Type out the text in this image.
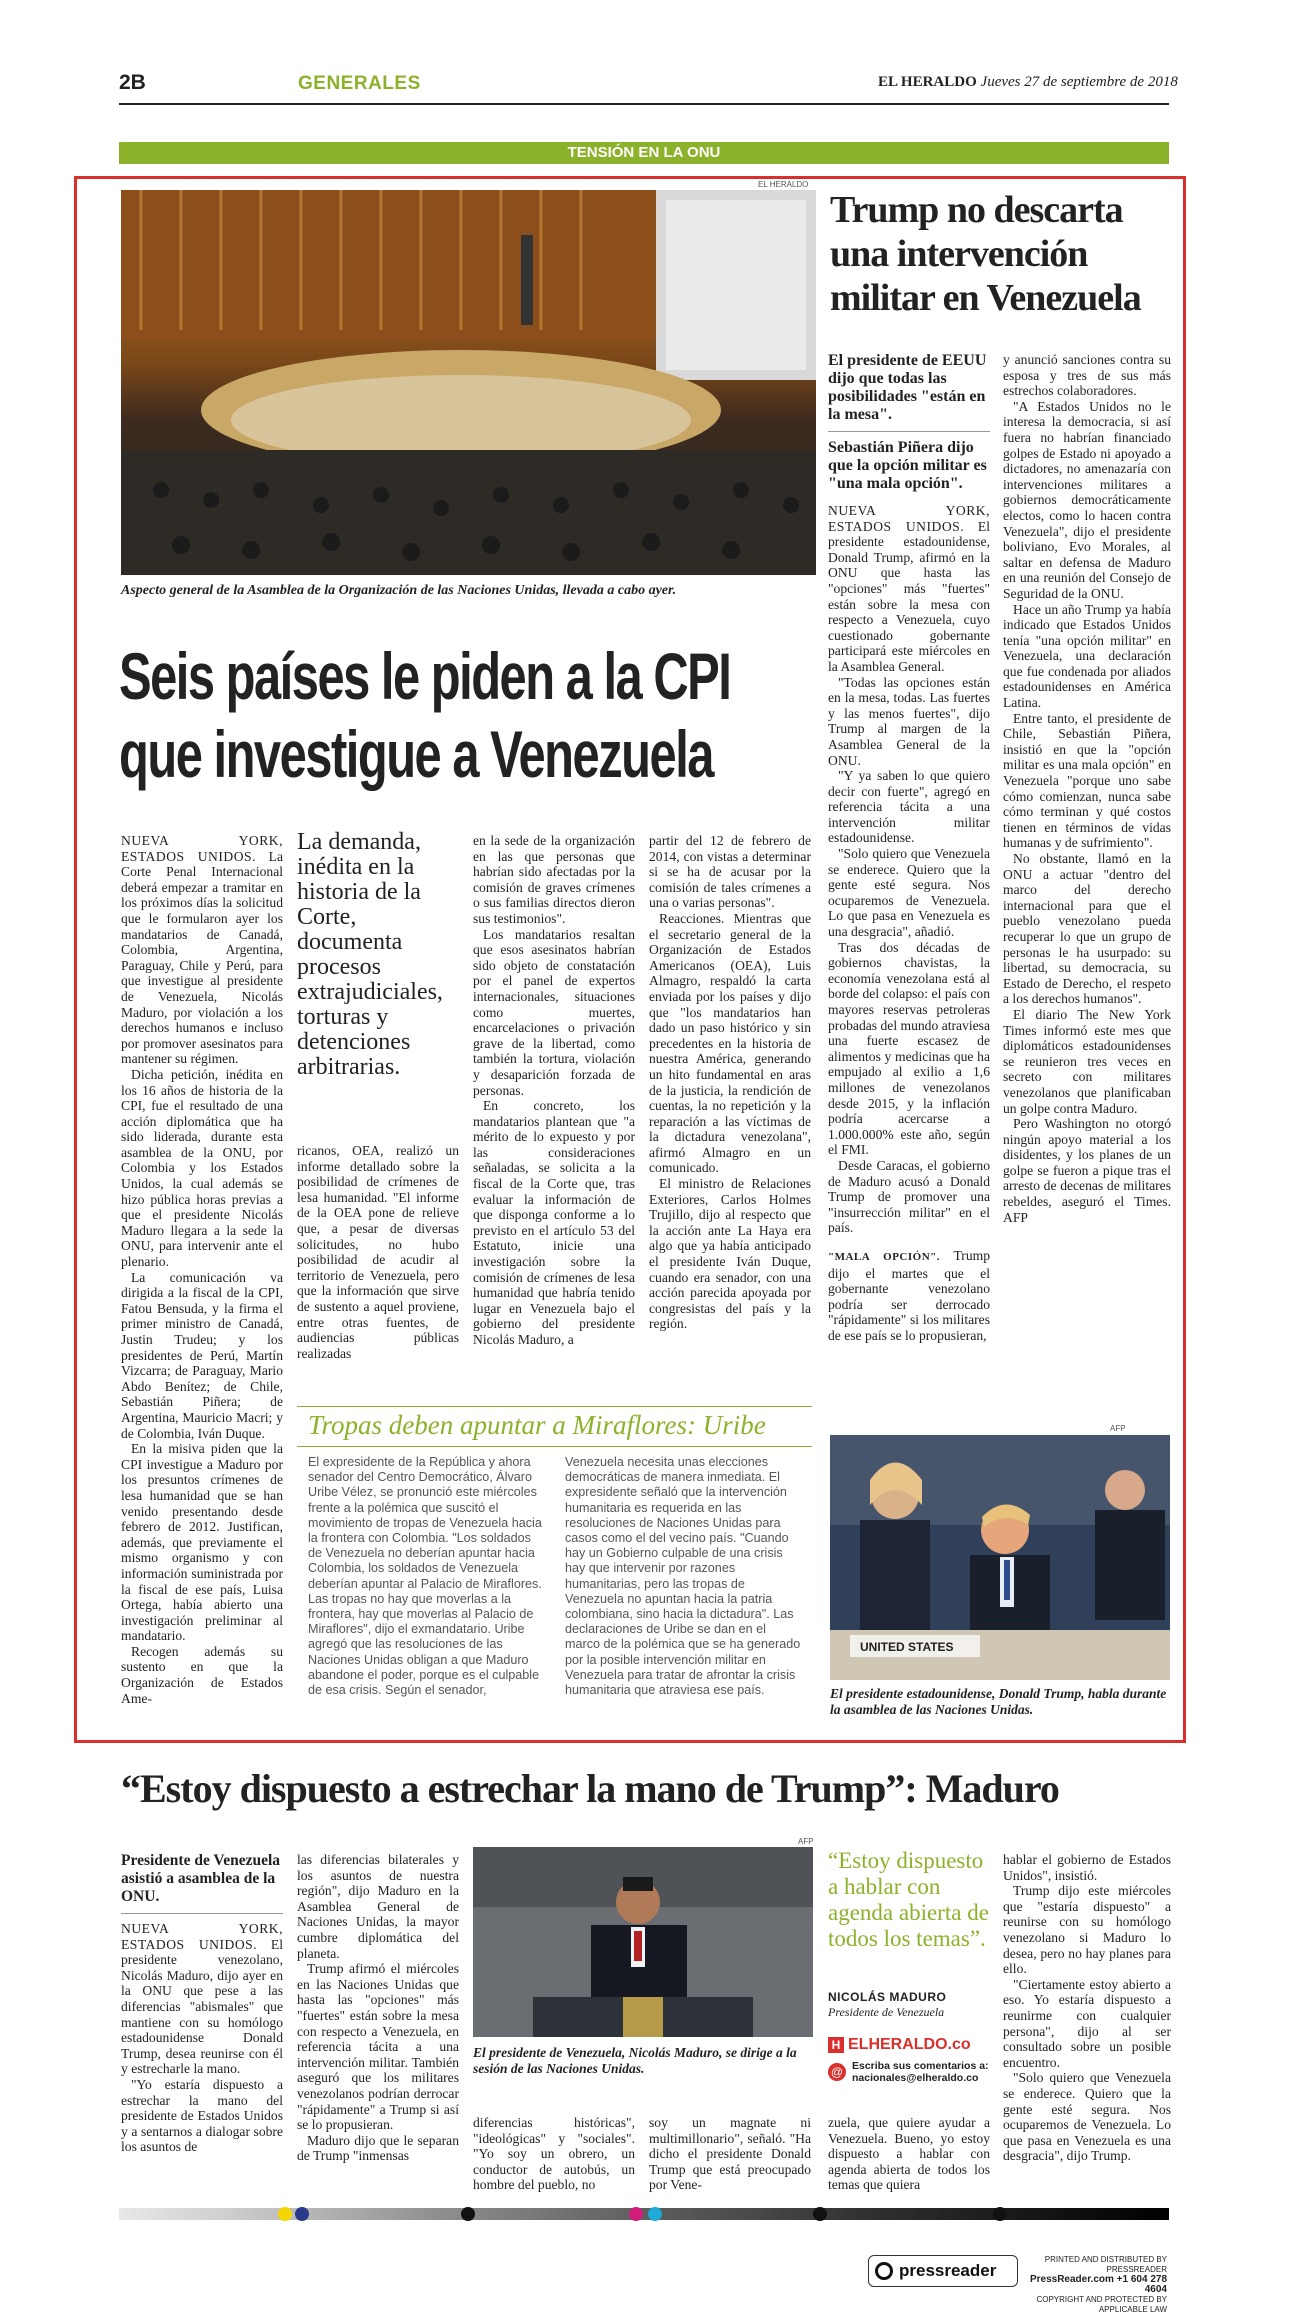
2B	GENERALES	EL HERALDO Jueves 27 de septiembre de 2018
TENSIÓN EN LA ONU
EL HERALDO
Aspecto general de la Asamblea de la Organización de las Naciones Unidas, llevada a cabo ayer.
Seis países le piden a la CPI
que investigue a Venezuela

NUEVA YORK, ESTADOS UNIDOS. La Corte Penal Internacional deberá empezar a tramitar en los próximos días la solicitud que le formularon ayer los mandatarios de Canadá, Colombia, Argentina, Paraguay, Chile y Perú, para que investigue al presidente de Venezuela, Nicolás Maduro, por violación a los derechos humanos e incluso por promover asesinatos para mantener su régimen.

Dicha petición, inédita en los 16 años de historia de la CPI, fue el resultado de una acción diplomática que ha sido liderada, durante esta asamblea de la ONU, por Colombia y los Estados Unidos, la cual además se hizo pública horas previas a que el presidente Nicolás Maduro llegara a la sede la ONU, para intervenir ante el plenario.

La comunicación va dirigida a la fiscal de la CPI, Fatou Bensuda, y la firma el primer ministro de Canadá, Justin Trudeu; y los presidentes de Perú, Martín Vizcarra; de Paraguay, Mario Abdo Benítez; de Chile, Sebastián Piñera; de Argentina, Mauricio Macri; y de Colombia, Iván Duque.

En la misiva piden que la CPI investigue a Maduro por los presuntos crímenes de lesa humanidad que se han venido presentando desde febrero de 2012. Justifican, además, que previamente el mismo organismo y con información suministrada por la fiscal de ese país, Luisa Ortega, había abierto una investigación preliminar al mandatario.

Recogen además su sustento en que la Organización de Estados Ame-

La demanda, inédita en la historia de la Corte, documenta procesos extrajudiciales, torturas y detenciones arbitrarias.

ricanos, OEA, realizó un informe detallado sobre la posibilidad de crímenes de lesa humanidad. "El informe de la OEA pone de relieve que, a pesar de diversas solicitudes, no hubo posibilidad de acudir al territorio de Venezuela, pero que la información que sirve de sustento a aquel proviene, entre otras fuentes, de audiencias públicas realizadas

en la sede de la organización en las que personas que habrían sido afectadas por la comisión de graves crímenes o sus familias directos dieron sus testimonios".

Los mandatarios resaltan que esos asesinatos habrían sido objeto de constatación por el panel de expertos internacionales, situaciones como muertes, encarcelaciones o privación grave de la libertad, como también la tortura, violación y desaparición forzada de personas.

En concreto, los mandatarios plantean que "a mérito de lo expuesto y por las consideraciones señaladas, se solicita a la fiscal de la Corte que, tras evaluar la información de que disponga conforme a lo previsto en el artículo 53 del Estatuto, inicie una investigación sobre la comisión de crímenes de lesa humanidad que habría tenido lugar en Venezuela bajo el gobierno del presidente Nicolás Maduro, a

partir del 12 de febrero de 2014, con vistas a determinar si se ha de acusar por la comisión de tales crímenes a una o varias personas".

Reacciones. Mientras que el secretario general de la Organización de Estados Americanos (OEA), Luis Almagro, respaldó la carta enviada por los países y dijo que "los mandatarios han dado un paso histórico y sin precedentes en la historia de nuestra América, generando un hito fundamental en aras de la justicia, la rendición de cuentas, la no repetición y la reparación a las víctimas de la dictadura venezolana", afirmó Almagro en un comunicado.

El ministro de Relaciones Exteriores, Carlos Holmes Trujillo, dijo al respecto que la acción ante La Haya era algo que ya había anticipado el presidente Iván Duque, cuando era senador, con una acción parecida apoyada por congresistas del país y la región.

Tropas deben apuntar a Miraflores: Uribe
El expresidente de la República y ahora senador del Centro Democrático, Álvaro Uribe Vélez, se pronunció este miércoles frente a la polémica que suscitó el movimiento de tropas de Venezuela hacia la frontera con Colombia. "Los soldados de Venezuela no deberían apuntar hacia Colombia, los soldados de Venezuela deberían apuntar al Palacio de Miraflores. Las tropas no hay que moverlas a la frontera, hay que moverlas al Palacio de Miraflores", dijo el exmandatario. Uribe agregó que las resoluciones de las Naciones Unidas obligan a que Maduro abandone el poder, porque es el culpable de esa crisis. Según el senador,
Venezuela necesita unas elecciones democráticas de manera inmediata. El expresidente señaló que la intervención humanitaria es requerida en las resoluciones de Naciones Unidas para casos como el del vecino país. "Cuando hay un Gobierno culpable de una crisis hay que intervenir por razones humanitarias, pero las tropas de Venezuela no apuntan hacia la patria colombiana, sino hacia la dictadura". Las declaraciones de Uribe se dan en el marco de la polémica que se ha generado por la posible intervención militar en Venezuela para tratar de afrontar la crisis humanitaria que atraviesa ese país.
Trump no descarta una intervención militar en Venezuela
El presidente de EEUU dijo que todas las posibilidades "están en la mesa".
Sebastián Piñera dijo que la opción militar es "una mala opción".

NUEVA YORK, ESTADOS UNIDOS. El presidente estadounidense, Donald Trump, afirmó en la ONU que hasta las "opciones" más "fuertes" están sobre la mesa con respecto a Venezuela, cuyo cuestionado gobernante participará este miércoles en la Asamblea General.

"Todas las opciones están en la mesa, todas. Las fuertes y las menos fuertes", dijo Trump al margen de la Asamblea General de la ONU.

"Y ya saben lo que quiero decir con fuerte", agregó en referencia tácita a una intervención militar estadounidense.

"Solo quiero que Venezuela se enderece. Quiero que la gente esté segura. Nos ocuparemos de Venezuela. Lo que pasa en Venezuela es una desgracia", añadió.

Tras dos décadas de gobiernos chavistas, la economía venezolana está al borde del colapso: el país con mayores reservas petroleras probadas del mundo atraviesa una fuerte escasez de alimentos y medicinas que ha empujado al exilio a 1,6 millones de venezolanos desde 2015, y la inflación podría acercarse a 1.000.000% este año, según el FMI.

Desde Caracas, el gobierno de Maduro acusó a Donald Trump de promover una "insurrección militar" en el país.

"MALA OPCIÓN". Trump dijo el martes que el gobernante venezolano podría ser derrocado "rápidamente" si los militares de ese país se lo propusieran,

y anunció sanciones contra su esposa y tres de sus más estrechos colaboradores.

"A Estados Unidos no le interesa la democracia, si así fuera no habrían financiado golpes de Estado ni apoyado a dictadores, no amenazaría con intervenciones militares a gobiernos democráticamente electos, como lo hacen contra Venezuela", dijo el presidente boliviano, Evo Morales, al saltar en defensa de Maduro en una reunión del Consejo de Seguridad de la ONU.

Hace un año Trump ya había indicado que Estados Unidos tenía "una opción militar" en Venezuela, una declaración que fue condenada por aliados estadounidenses en América Latina.

Entre tanto, el presidente de Chile, Sebastián Piñera, insistió en que la "opción militar es una mala opción" en Venezuela "porque uno sabe cómo comienzan, nunca sabe cómo terminan y qué costos tienen en términos de vidas humanas y de sufrimiento".

No obstante, llamó en la ONU a actuar "dentro del marco del derecho internacional para que el pueblo venezolano pueda recuperar lo que un grupo de personas le ha usurpado: su libertad, su democracia, su Estado de Derecho, el respeto a los derechos humanos".

El diario The New York Times informó este mes que diplomáticos estadounidenses se reunieron tres veces en secreto con militares venezolanos que planificaban un golpe contra Maduro.

Pero Washington no otorgó ningún apoyo material a los disidentes, y los planes de un golpe se fueron a pique tras el arresto de decenas de militares rebeldes, aseguró el Times. AFP

AFP
UNITED STATES
El presidente estadounidense, Donald Trump, habla durante la asamblea de las Naciones Unidas.
“Estoy dispuesto a estrechar la mano de Trump”: Maduro
Presidente de Venezuela asistió a asamblea de la ONU.

NUEVA YORK, ESTADOS UNIDOS. El presidente venezolano, Nicolás Maduro, dijo ayer en la ONU que pese a las diferencias "abismales" que mantiene con su homólogo estadounidense Donald Trump, desea reunirse con él y estrecharle la mano.

"Yo estaría dispuesto a estrechar la mano del presidente de Estados Unidos y a sentarnos a dialogar sobre los asuntos de

las diferencias bilaterales y los asuntos de nuestra región", dijo Maduro en la Asamblea General de Naciones Unidas, la mayor cumbre diplomática del planeta.

Trump afirmó el miércoles en las Naciones Unidas que hasta las "opciones" más "fuertes" están sobre la mesa con respecto a Venezuela, en referencia tácita a una intervención militar. También aseguró que los militares venezolanos podrían derrocar "rápidamente" a Trump si así se lo propusieran.

Maduro dijo que le separan de Trump "inmensas

AFP
El presidente de Venezuela, Nicolás Maduro, se dirige a la sesión de las Naciones Unidas.
diferencias históricas", "ideológicas" y "sociales". "Yo soy un obrero, un conductor de autobús, un hombre del pueblo, no
soy un magnate ni multimillonario", señaló. "Ha dicho el presidente Donald Trump que está preocupado por Vene-
zuela, que quiere ayudar a Venezuela. Bueno, yo estoy dispuesto a hablar con agenda abierta de todos los temas que quiera
“Estoy dispuesto a hablar con agenda abierta de todos los temas”.
NICOLÁS MADURO
Presidente de Venezuela
H ELHERALDO.co
@ Escriba sus comentarios a:
nacionales@elheraldo.co

hablar el gobierno de Estados Unidos", insistió.

Trump dijo este miércoles que "estaría dispuesto" a reunirse con su homólogo venezolano si Maduro lo desea, pero no hay planes para ello.

"Ciertamente estoy abierto a eso. Yo estaría dispuesto a reunirme con cualquier persona", dijo al ser consultado sobre un posible encuentro.

"Solo quiero que Venezuela se enderece. Quiero que la gente esté segura. Nos ocuparemos de Venezuela. Lo que pasa en Venezuela es una desgracia", dijo Trump.

pressreader
PRINTED AND DISTRIBUTED BY PRESSREADER
PressReader.com +1 604 278 4604
COPYRIGHT AND PROTECTED BY APPLICABLE LAW
